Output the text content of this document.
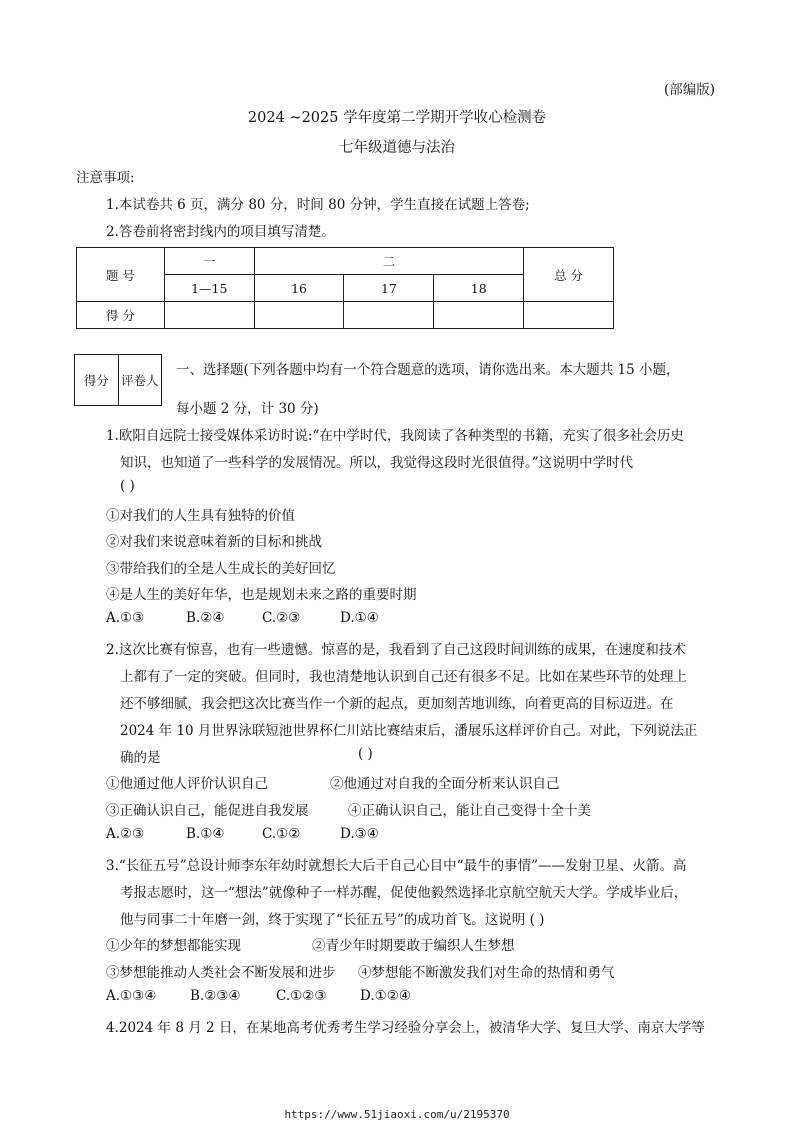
(部编版)
2024 ~2025 学年度第二学期开学收心检测卷
七年级道德与法治
注意事项:
1.本试卷共 6 页，满分 80 分，时间 80 分钟，学生直接在试题上答卷;
2.答卷前将密封线内的项目填写清楚。
题 号	一	二			总 分
	1—15	16	17	18	
得 分					
得分	评卷人

一、选择题(下列各题中均有一个符合题意的选项，请你选出来。本大题共 15 小题，
每小题 2 分，计 30 分)
1.欧阳自远院士接受媒体采访时说:“在中学时代，我阅读了各种类型的书籍，充实了很多社会历史
知识，也知道了一些科学的发展情况。所以，我觉得这段时光很值得。”这说明中学时代
( )
①对我们的人生具有独特的价值
②对我们来说意味着新的目标和挑战
③带给我们的全是人生成长的美好回忆
④是人生的美好年华，也是规划未来之路的重要时期
A.①③	B.②④	C.②③	D.①④
2.这次比赛有惊喜，也有一些遗憾。惊喜的是，我看到了自己这段时间训练的成果，在速度和技术
上都有了一定的突破。但同时，我也清楚地认识到自己还有很多不足。比如在某些环节的处理上
还不够细腻，我会把这次比赛当作一个新的起点，更加刻苦地训练，向着更高的目标迈进。在
2024 年 10 月世界泳联短池世界杯仁川站比赛结束后，潘展乐这样评价自己。对此，下列说法正
确的是	( )
①他通过他人评价认识自己	②他通过对自我的全面分析来认识自己
③正确认识自己，能促进自我发展	④正确认识自己，能让自己变得十全十美
A.②③	B.①④	C.①②	D.③④
3.“长征五号”总设计师李东年幼时就想长大后干自己心目中“最牛的事情”——发射卫星、火箭。高
考报志愿时，这一“想法”就像种子一样苏醒，促使他毅然选择北京航空航天大学。学成毕业后，
他与同事二十年磨一剑，终于实现了“长征五号”的成功首飞。这说明 ( )
①少年的梦想都能实现	②青少年时期要敢于编织人生梦想
③梦想能推动人类社会不断发展和进步 ④梦想能不断激发我们对生命的热情和勇气
A.①③④ B.②③④	C.①②③ D.①②④
4.2024 年 8 月 2 日，在某地高考优秀考生学习经验分享会上，被清华大学、复旦大学、南京大学等
https://www.51jiaoxi.com/u/2195370
